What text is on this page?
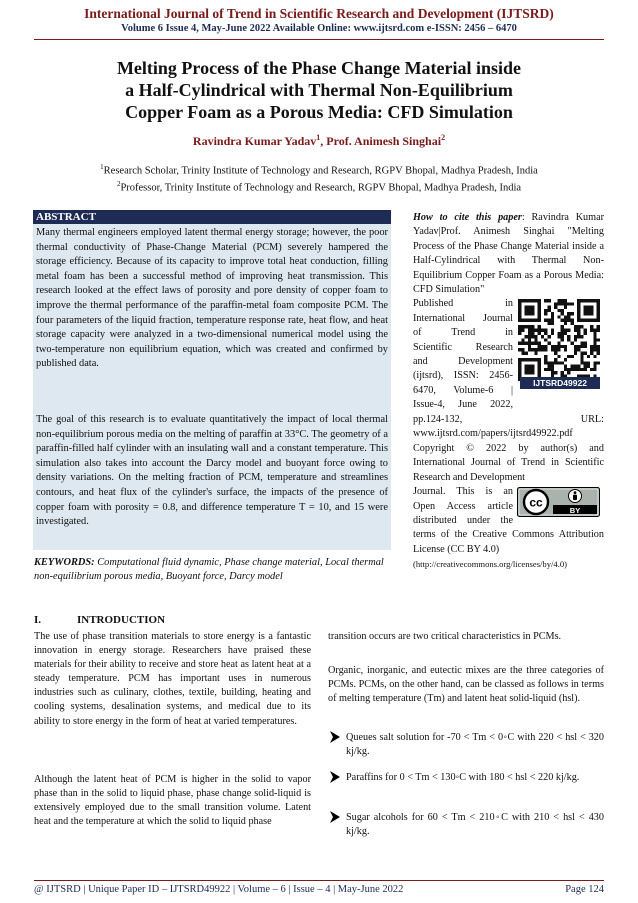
International Journal of Trend in Scientific Research and Development (IJTSRD)
Volume 6 Issue 4, May-June 2022 Available Online: www.ijtsrd.com e-ISSN: 2456 – 6470
Melting Process of the Phase Change Material inside
a Half-Cylindrical with Thermal Non-Equilibrium
Copper Foam as a Porous Media: CFD Simulation
Ravindra Kumar Yadav$^1$, Prof. Animesh Singhai$^2$
$^1$Research Scholar, Trinity Institute of Technology and Research, RGPV Bhopal, Madhya Pradesh, India
$^2$Professor, Trinity Institute of Technology and Research, RGPV Bhopal, Madhya Pradesh, India
ABSTRACT
Many thermal engineers employed latent thermal energy storage; however, the poor thermal conductivity of Phase-Change Material (PCM) severely hampered the storage efficiency. Because of its capacity to improve total heat conduction, filling metal foam has been a successful method of improving heat transmission. This research looked at the effect laws of porosity and pore density of copper foam to improve the thermal performance of the paraffin-metal foam composite PCM. The four parameters of the liquid fraction, temperature response rate, heat flow, and heat storage capacity were analyzed in a two-dimensional numerical model using the two-temperature non equilibrium equation, which was created and confirmed by published data.
The goal of this research is to evaluate quantitatively the impact of local thermal non-equilibrium porous media on the melting of paraffin at 33°C. The geometry of a paraffin-filled half cylinder with an insulating wall and a constant temperature. This simulation also takes into account the Darcy model and buoyant force owing to density variations. On the melting fraction of PCM, temperature and streamlines contours, and heat flux of the cylinder's surface, the impacts of the presence of copper foam with porosity = 0.8, and difference temperature T = 10, and 15 were investigated.
KEYWORDS: Computational fluid dynamic, Phase change material, Local thermal non-equilibrium porous media, Buoyant force, Darcy model
How to cite this paper: Ravindra Kumar Yadav|Prof. Animesh Singhai "Melting Process of the Phase Change Material inside a Half-Cylindrical with Thermal Non-Equilibrium Copper Foam as a Porous Media: CFD Simulation"
Published in
International Journal
of Trend in
Scientific Research
and Development
(ijtsrd), ISSN: 2456-
6470, Volume-6 |
Issue-4, June 2022,
pp.124-132, URL: www.ijtsrd.com/papers/ijtsrd49922.pdf
IJTSRD49922
Copyright © 2022 by author(s) and International Journal of Trend in Scientific Research and Development
Journal. This is an
Open Access article
distributed under the
terms of the Creative Commons Attribution License (CC BY 4.0)
(http://creativecommons.org/licenses/by/4.0)
cc
BY
I.	INTRODUCTION
The use of phase transition materials to store energy is a fantastic innovation in energy storage. Researchers have praised these materials for their ability to receive and store heat as latent heat at a steady temperature. PCM has important uses in numerous industries such as culinary, clothes, textile, building, heating and cooling systems, desalination systems, and medical due to its ability to store energy in the form of heat at varied temperatures.
Although the latent heat of PCM is higher in the solid to vapor phase than in the solid to liquid phase, phase change solid-liquid is extensively employed due to the small transition volume. Latent heat and the temperature at which the solid to liquid phase
transition occurs are two critical characteristics in PCMs.
Organic, inorganic, and eutectic mixes are the three categories of PCMs. PCMs, on the other hand, can be classed as follows in terms of melting temperature (Tm) and latent heat solid-liquid (hsl).
Queues salt solution for -70 < Tm < 0◦C with 220 < hsl < 320 kj/kg.
Paraffins for 0 < Tm < 130◦C with 180 < hsl < 220 kj/kg.
Sugar alcohols for 60 < Tm < 210◦C with 210 < hsl < 430 kj/kg.
@ IJTSRD | Unique Paper ID – IJTSRD49922 | Volume – 6 | Issue – 4 | May-June 2022	Page 124
